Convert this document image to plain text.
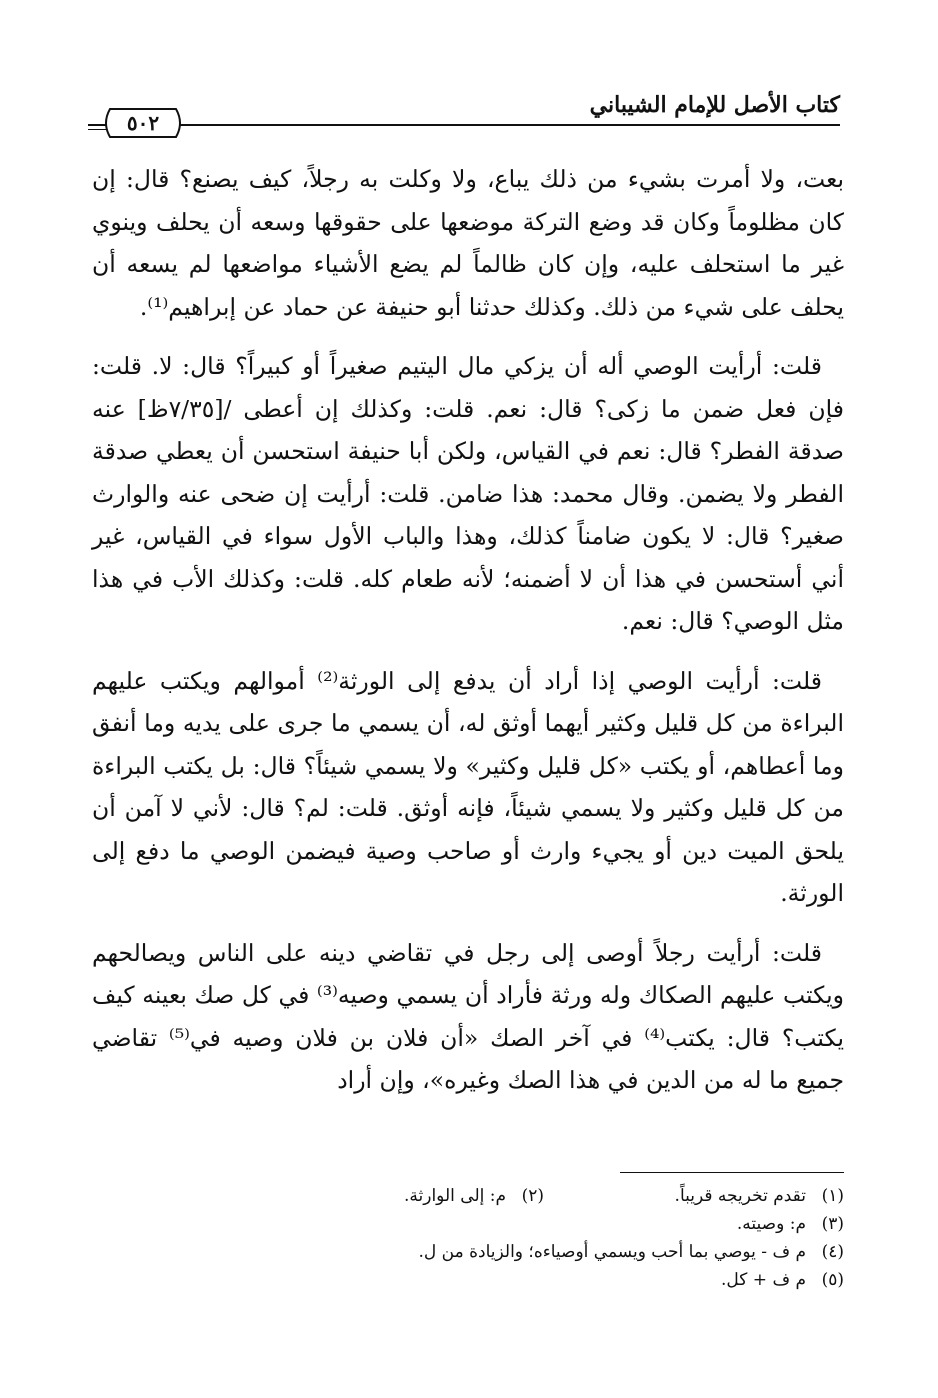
كتاب الأصل للإمام الشيباني
٥٠٢

بعت، ولا أمرت بشيء من ذلك يباع، ولا وكلت به رجلاً، كيف يصنع؟ قال: إن كان مظلوماً وكان قد وضع التركة موضعها على حقوقها وسعه أن يحلف وينوي غير ما استحلف عليه، وإن كان ظالماً لم يضع الأشياء مواضعها لم يسعه أن يحلف على شيء من ذلك. وكذلك حدثنا أبو حنيفة عن حماد عن إبراهيم⁽¹⁾.

قلت: أرأيت الوصي أله أن يزكي مال اليتيم صغيراً أو كبيراً؟ قال: لا. قلت: فإن فعل ضمن ما زكى؟ قال: نعم. قلت: وكذلك إن أعطى /[٧/٣٥ظ] عنه صدقة الفطر؟ قال: نعم في القياس، ولكن أبا حنيفة استحسن أن يعطي صدقة الفطر ولا يضمن. وقال محمد: هذا ضامن. قلت: أرأيت إن ضحى عنه والوارث صغير؟ قال: لا يكون ضامناً كذلك، وهذا والباب الأول سواء في القياس، غير أني أستحسن في هذا أن لا أضمنه؛ لأنه طعام كله. قلت: وكذلك الأب في هذا مثل الوصي؟ قال: نعم.

قلت: أرأيت الوصي إذا أراد أن يدفع إلى الورثة⁽²⁾ أموالهم ويكتب عليهم البراءة من كل قليل وكثير أيهما أوثق له، أن يسمي ما جرى على يديه وما أنفق وما أعطاهم، أو يكتب «كل قليل وكثير» ولا يسمي شيئاً؟ قال: بل يكتب البراءة من كل قليل وكثير ولا يسمي شيئاً، فإنه أوثق. قلت: لم؟ قال: لأني لا آمن أن يلحق الميت دين أو يجيء وارث أو صاحب وصية فيضمن الوصي ما دفع إلى الورثة.

قلت: أرأيت رجلاً أوصى إلى رجل في تقاضي دينه على الناس ويصالحهم ويكتب عليهم الصكاك وله ورثة فأراد أن يسمي وصيه⁽³⁾ في كل صك بعينه كيف يكتب؟ قال: يكتب⁽⁴⁾ في آخر الصك «أن فلان بن فلان وصيه في⁽⁵⁾ تقاضي جميع ما له من الدين في هذا الصك وغيره»، وإن أراد

(١)تقدم تخريجه قريباً.
(٢)م: إلى الوارثة.
(٣)م: وصيته.
(٤)م ف - يوصي بما أحب ويسمي أوصياءه؛ والزيادة من ل.
(٥)م ف + كل.
